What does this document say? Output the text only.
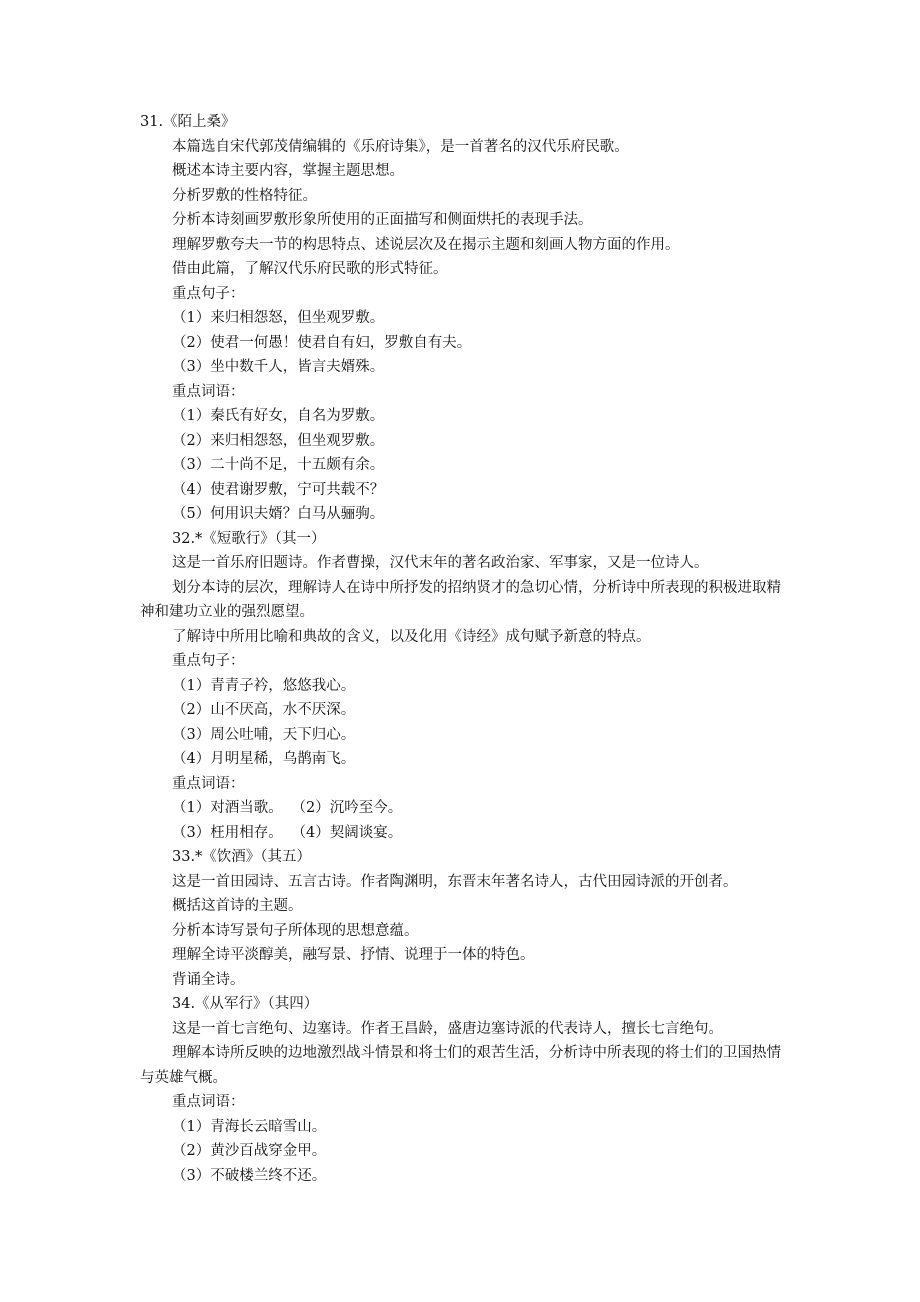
31.《陌上桑》
本篇选自宋代郭茂倩编辑的《乐府诗集》，是一首著名的汉代乐府民歌。
概述本诗主要内容，掌握主题思想。
分析罗敷的性格特征。
分析本诗刻画罗敷形象所使用的正面描写和侧面烘托的表现手法。
理解罗敷夸夫一节的构思特点、述说层次及在揭示主题和刻画人物方面的作用。
借由此篇，了解汉代乐府民歌的形式特征。
重点句子：
（1）来归相怨怒，但坐观罗敷。
（2）使君一何愚！使君自有妇，罗敷自有夫。
（3）坐中数千人，皆言夫婿殊。
重点词语：
（1）秦氏有好女，自名为罗敷。
（2）来归相怨怒，但坐观罗敷。
（3）二十尚不足，十五颇有余。
（4）使君谢罗敷，宁可共载不？
（5）何用识夫婿？白马从骊驹。
32.*《短歌行》（其一）
这是一首乐府旧题诗。作者曹操，汉代末年的著名政治家、军事家，又是一位诗人。
划分本诗的层次，理解诗人在诗中所抒发的招纳贤才的急切心情，分析诗中所表现的积极进取精神和建功立业的强烈愿望。
了解诗中所用比喻和典故的含义，以及化用《诗经》成句赋予新意的特点。
重点句子：
（1）青青子衿，悠悠我心。
（2）山不厌高，水不厌深。
（3）周公吐哺，天下归心。
（4）月明星稀，乌鹊南飞。
重点词语：
（1）对酒当歌。 （2）沉吟至今。
（3）枉用相存。 （4）契阔谈宴。
33.*《饮酒》（其五）
这是一首田园诗、五言古诗。作者陶渊明，东晋末年著名诗人，古代田园诗派的开创者。
概括这首诗的主题。
分析本诗写景句子所体现的思想意蕴。
理解全诗平淡醇美，融写景、抒情、说理于一体的特色。
背诵全诗。
34.《从军行》（其四）
这是一首七言绝句、边塞诗。作者王昌龄，盛唐边塞诗派的代表诗人，擅长七言绝句。
理解本诗所反映的边地激烈战斗情景和将士们的艰苦生活，分析诗中所表现的将士们的卫国热情与英雄气概。
重点词语：
（1）青海长云暗雪山。
（2）黄沙百战穿金甲。
（3）不破楼兰终不还。
